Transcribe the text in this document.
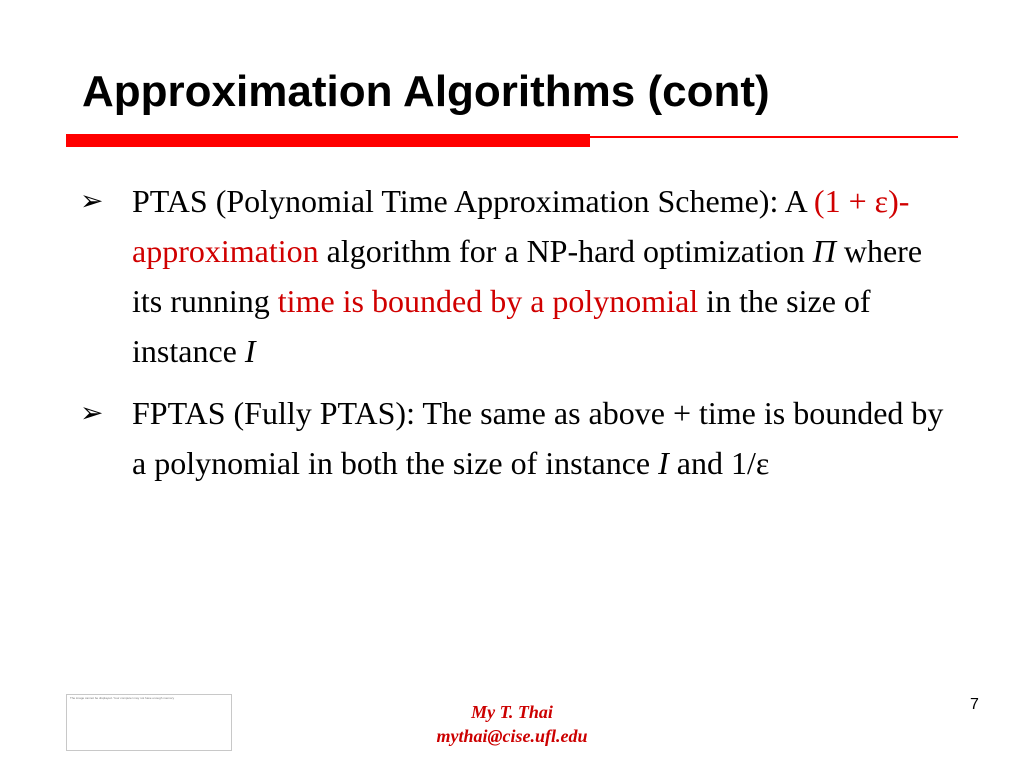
Approximation Algorithms (cont)
➢ PTAS (Polynomial Time Approximation Scheme): A (1 + ε)-approximation algorithm for a NP-hard optimization Π where its running time is bounded by a polynomial in the size of instance I
➢ FPTAS (Fully PTAS): The same as above + time is bounded by a polynomial in both the size of instance I and 1/ε
The image cannot be displayed. Your computer may not have enough memory
My T. Thai
mythai@cise.ufl.edu
7
